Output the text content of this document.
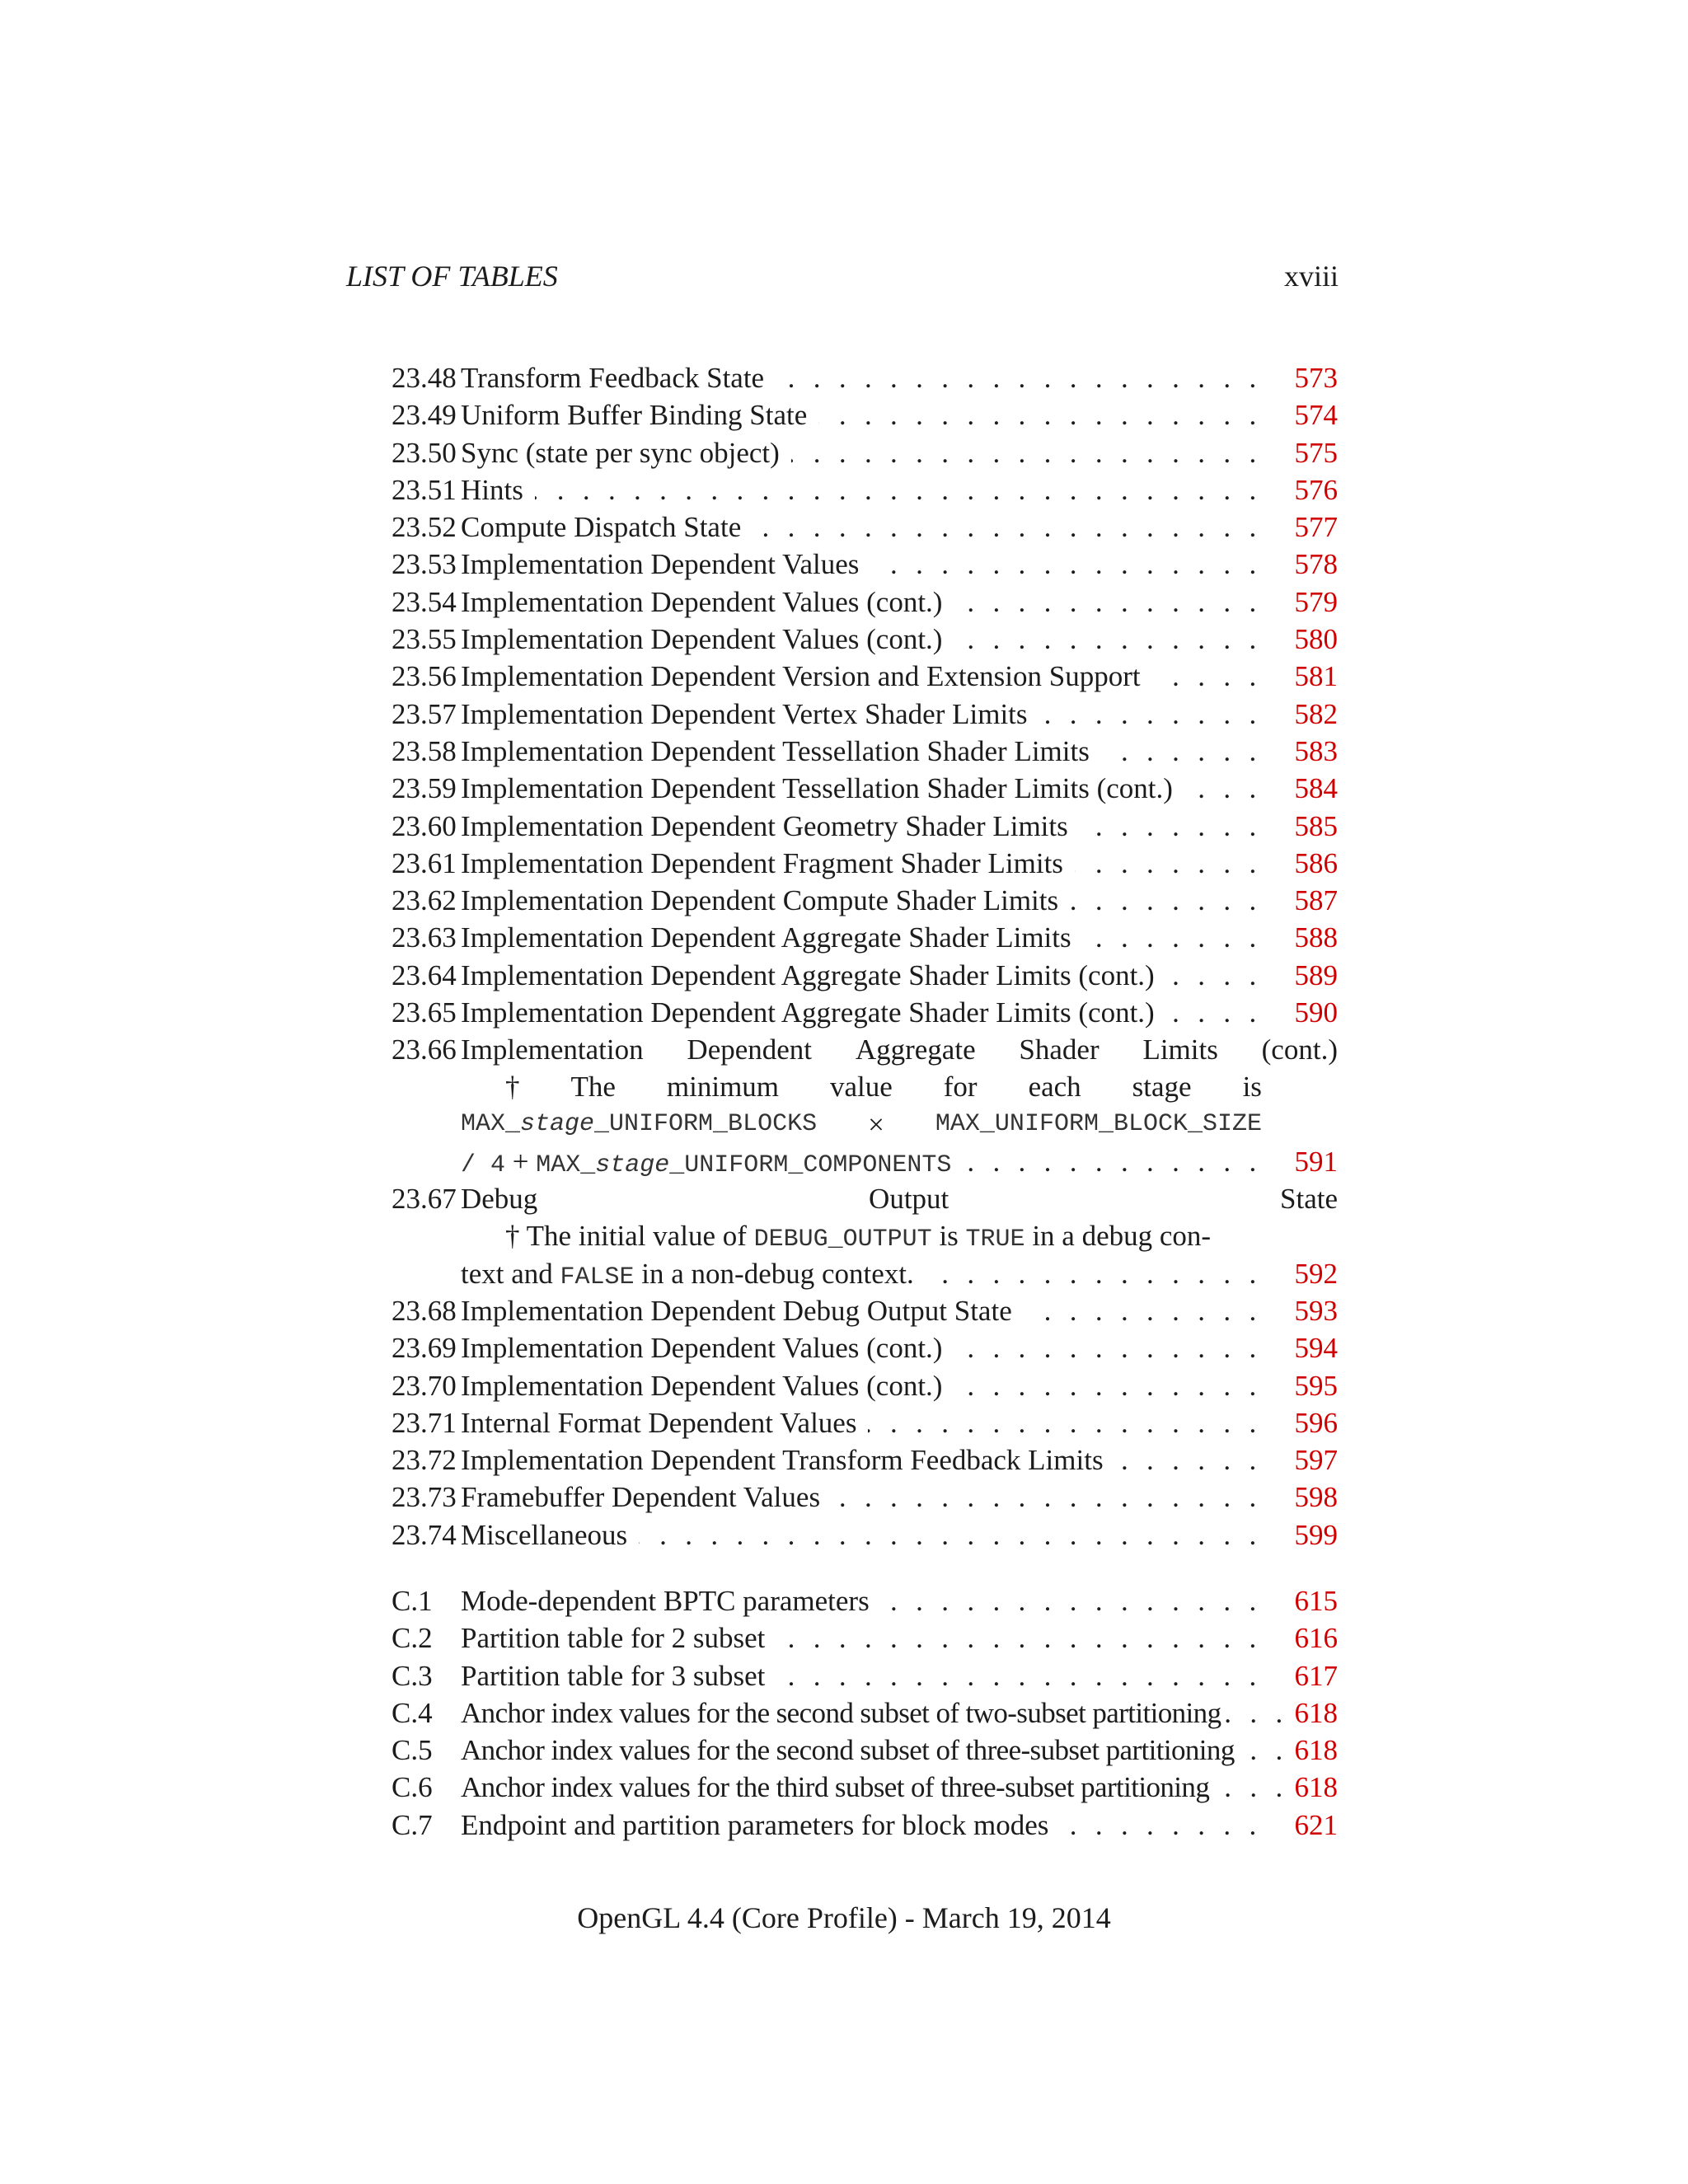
LIST OF TABLES	xviii
23.48 Transform Feedback State . . .	573
23.49 Uniform Buffer Binding State . . .	574
23.50 Sync (state per sync object) . . .	575
23.51 Hints . . .	576
23.52 Compute Dispatch State . . .	577
23.53 Implementation Dependent Values . . .	578
23.54 Implementation Dependent Values (cont.) . . .	579
23.55 Implementation Dependent Values (cont.) . . .	580
23.56 Implementation Dependent Version and Extension Support . . .	581
23.57 Implementation Dependent Vertex Shader Limits . . .	582
23.58 Implementation Dependent Tessellation Shader Limits . . .	583
23.59 Implementation Dependent Tessellation Shader Limits (cont.) . . .	584
23.60 Implementation Dependent Geometry Shader Limits . . .	585
23.61 Implementation Dependent Fragment Shader Limits . . .	586
23.62 Implementation Dependent Compute Shader Limits . . .	587
23.63 Implementation Dependent Aggregate Shader Limits . . .	588
23.64 Implementation Dependent Aggregate Shader Limits (cont.) . . .	589
23.65 Implementation Dependent Aggregate Shader Limits (cont.) . . .	590
23.66 Implementation Dependent Aggregate Shader Limits (cont.)
† The minimum value for each stage is
MAX_stage_UNIFORM_BLOCKS × MAX_UNIFORM_BLOCK_SIZE
/ 4 + MAX_stage_UNIFORM_COMPONENTS . . .	591
23.67 Debug	Output	State
† The initial value of DEBUG_OUTPUT is TRUE in a debug con-
text and FALSE in a non-debug context. . . .	592
23.68 Implementation Dependent Debug Output State . . .	593
23.69 Implementation Dependent Values (cont.) . . .	594
23.70 Implementation Dependent Values (cont.) . . .	595
23.71 Internal Format Dependent Values . . .	596
23.72 Implementation Dependent Transform Feedback Limits . . .	597
23.73 Framebuffer Dependent Values . . .	598
23.74 Miscellaneous . . .	599
C.1 Mode-dependent BPTC parameters . . .	615
C.2 Partition table for 2 subset . . .	616
C.3 Partition table for 3 subset . . .	617
C.4 Anchor index values for the second subset of two-subset partitioning . . .	618
C.5 Anchor index values for the second subset of three-subset partitioning . . .	618
C.6 Anchor index values for the third subset of three-subset partitioning . . .	618
C.7 Endpoint and partition parameters for block modes . . .	621
OpenGL 4.4 (Core Profile) - March 19, 2014
